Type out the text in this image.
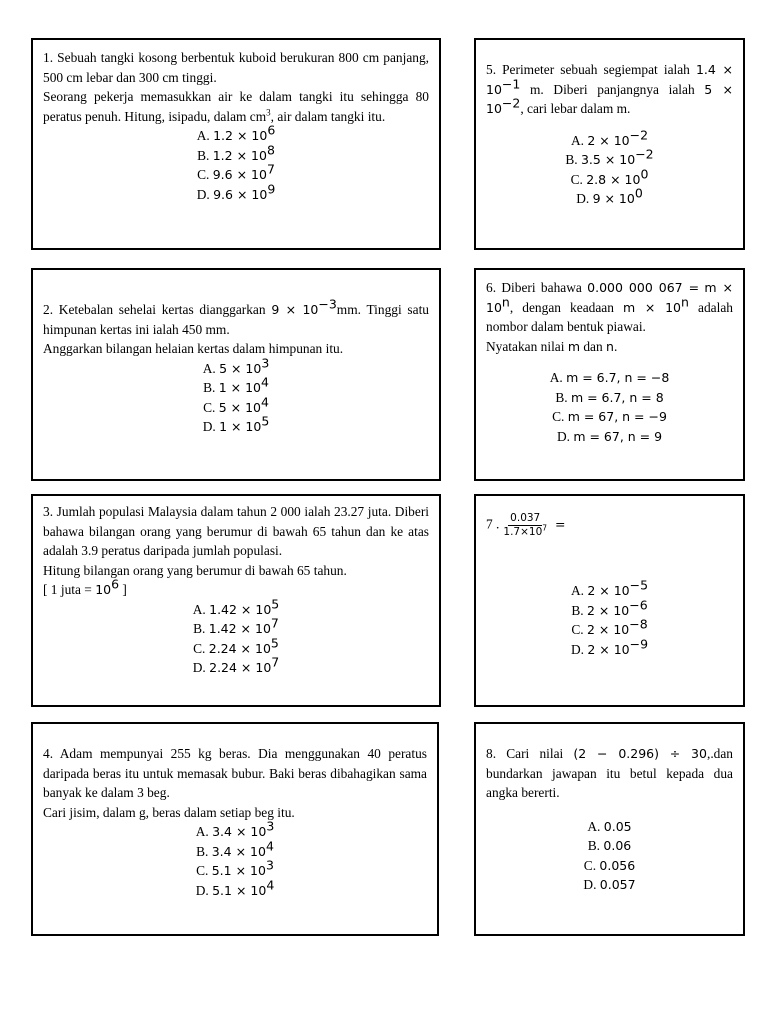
1. Sebuah tangki kosong berbentuk kuboid berukuran 800 cm panjang, 500 cm lebar dan 300 cm tinggi.
Seorang pekerja memasukkan air ke dalam tangki itu sehingga 80 peratus penuh. Hitung, isipadu, dalam $cm^3$, air dalam tangki itu.

A. $1.2 \times 10^6$
B. $1.2 \times 10^8$
C. $9.6 \times 10^7$
D. $9.6 \times 10^9$

5. Perimeter sebuah segiempat ialah $1.4 \times 10^{-1}$ m. Diberi panjangnya ialah $5 \times 10^{-2}$, cari lebar dalam m.

A. $2 \times 10^{-2}$
B. $3.5 \times 10^{-2}$
C. $2.8 \times 10^0$
D. $9 \times 10^0$

2. Ketebalan sehelai kertas dianggarkan $9 \times 10^{-3}mm$. Tinggi satu himpunan kertas ini ialah 450 mm.
Anggarkan bilangan helaian kertas dalam himpunan itu.

A. $5 \times 10^3$
B. $1 \times 10^4$
C. $5 \times 10^4$
D. $1 \times 10^5$

6. Diberi bahawa 0.000 000 $067 = m \times 10^n$, dengan keadaan $m \times 10^n$ adalah nombor dalam bentuk piawai.
Nyatakan nilai m dan n.

A. m = 6.7, n = −8
B. m = 6.7, n = 8
C. m = 67, n = −9
D. m = 67, n = 9

3. Jumlah populasi Malaysia dalam tahun 2 000 ialah 23.27 juta. Diberi bahawa bilangan orang yang berumur di bawah 65 tahun dan ke atas adalah 3.9 peratus daripada jumlah populasi.
Hitung bilangan orang yang berumur di bawah 65 tahun.
[ 1 juta = $10^6$ ]

A. $1.42 \times 10^5$
B. $1.42 \times 10^7$
C. $2.24 \times 10^5$
D. $2.24 \times 10^7$

7 . $\frac{0.037}{1.7\times 10^7}$ =

A. $2 \times 10^{-5}$
B. $2 \times 10^{-6}$
C. $2 \times 10^{-8}$
D. $2 \times 10^{-9}$

4. Adam mempunyai 255 kg beras. Dia menggunakan 40 peratus daripada beras itu untuk memasak bubur. Baki beras dibahagikan sama banyak ke dalam 3 beg.
Cari jisim, dalam g, beras dalam setiap beg itu.

A. $3.4 \times 10^3$
B. $3.4 \times 10^4$
C. $5.1 \times 10^3$
D. $5.1 \times 10^4$

8. Cari nilai (2 − 0.296) ÷ 30,.dan bundarkan jawapan itu betul kepada dua angka bererti.

A. 0.05
B. 0.06
C. 0.056
D. 0.057
